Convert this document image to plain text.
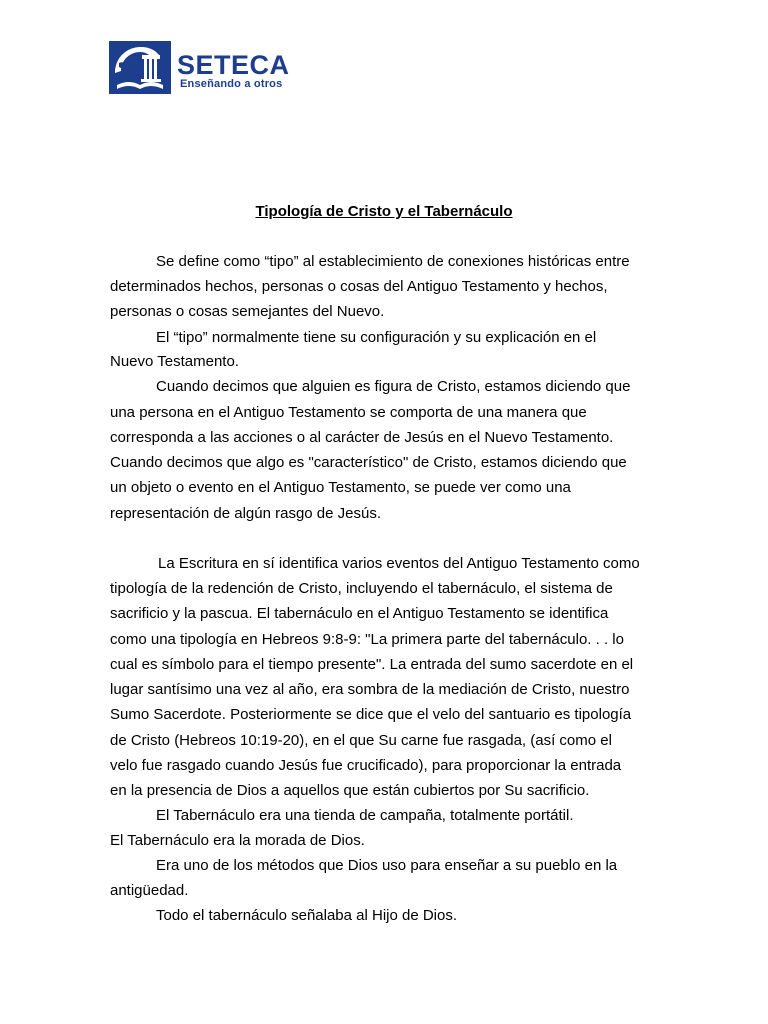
SETECA
Enseñando a otros
Tipología de Cristo y el Tabernáculo
Se define como “tipo” al establecimiento de conexiones históricas entre
determinados hechos, personas o cosas del Antiguo Testamento y hechos,
personas o cosas semejantes del Nuevo.
El “tipo” normalmente tiene su configuración y su explicación en el
Nuevo Testamento.
Cuando decimos que alguien es figura de Cristo, estamos diciendo que
una persona en el Antiguo Testamento se comporta de una manera que
corresponda a las acciones o al carácter de Jesús en el Nuevo Testamento.
Cuando decimos que algo es "característico" de Cristo, estamos diciendo que
un objeto o evento en el Antiguo Testamento, se puede ver como una
representación de algún rasgo de Jesús.
La Escritura en sí identifica varios eventos del Antiguo Testamento como
tipología de la redención de Cristo, incluyendo el tabernáculo, el sistema de
sacrificio y la pascua. El tabernáculo en el Antiguo Testamento se identifica
como una tipología en Hebreos 9:8-9: "La primera parte del tabernáculo. . . lo
cual es símbolo para el tiempo presente". La entrada del sumo sacerdote en el
lugar santísimo una vez al año, era sombra de la mediación de Cristo, nuestro
Sumo Sacerdote. Posteriormente se dice que el velo del santuario es tipología
de Cristo (Hebreos 10:19-20), en el que Su carne fue rasgada, (así como el
velo fue rasgado cuando Jesús fue crucificado), para proporcionar la entrada
en la presencia de Dios a aquellos que están cubiertos por Su sacrificio.
El Tabernáculo era una tienda de campaña, totalmente portátil.
El Tabernáculo era la morada de Dios.
Era uno de los métodos que Dios uso para enseñar a su pueblo en la
antigüedad.
Todo el tabernáculo señalaba al Hijo de Dios.
